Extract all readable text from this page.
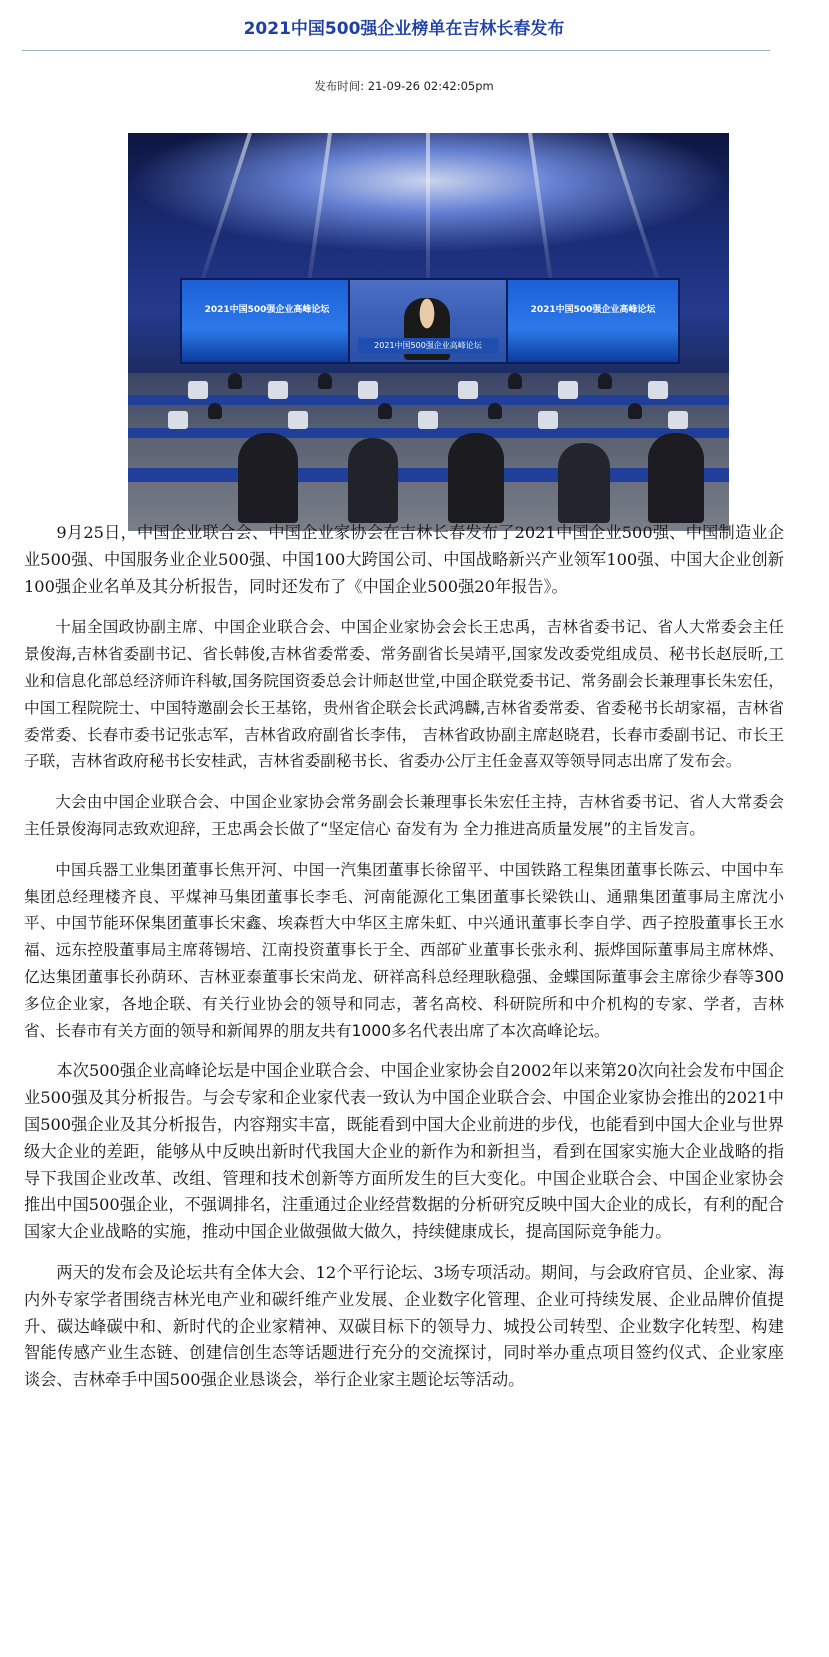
2021中国500强企业榜单在吉林长春发布
发布时间: 21-09-26 02:42:05pm
2021中国500强企业高峰论坛	2021中国500强企业高峰论坛
2021中国500强企业高峰论坛

9月25日，中国企业联合会、中国企业家协会在吉林长春发布了2021中国企业500强、中国制造业企业500强、中国服务业企业500强、中国100大跨国公司、中国战略新兴产业领军100强、中国大企业创新100强企业名单及其分析报告，同时还发布了《中国企业500强20年报告》。

十届全国政协副主席、中国企业联合会、中国企业家协会会长王忠禹，吉林省委书记、省人大常委会主任景俊海,吉林省委副书记、省长韩俊,吉林省委常委、常务副省长吴靖平,国家发改委党组成员、秘书长赵辰昕,工业和信息化部总经济师许科敏,国务院国资委总会计师赵世堂,中国企联党委书记、常务副会长兼理事长朱宏任，中国工程院院士、中国特邀副会长王基铭，贵州省企联会长武鸿麟,吉林省委常委、省委秘书长胡家福，吉林省委常委、长春市委书记张志军，吉林省政府副省长李伟， 吉林省政协副主席赵晓君，长春市委副书记、市长王子联，吉林省政府秘书长安桂武，吉林省委副秘书长、省委办公厅主任金喜双等领导同志出席了发布会。

大会由中国企业联合会、中国企业家协会常务副会长兼理事长朱宏任主持，吉林省委书记、省人大常委会主任景俊海同志致欢迎辞，王忠禹会长做了“坚定信心 奋发有为 全力推进高质量发展”的主旨发言。

中国兵器工业集团董事长焦开河、中国一汽集团董事长徐留平、中国铁路工程集团董事长陈云、中国中车集团总经理楼齐良、平煤神马集团董事长李毛、河南能源化工集团董事长梁铁山、通鼎集团董事局主席沈小平、中国节能环保集团董事长宋鑫、埃森哲大中华区主席朱虹、中兴通讯董事长李自学、西子控股董事长王水福、远东控股董事局主席蒋锡培、江南投资董事长于全、西部矿业董事长张永利、振烨国际董事局主席林烨、亿达集团董事长孙荫环、吉林亚泰董事长宋尚龙、研祥高科总经理耿稳强、金蝶国际董事会主席徐少春等300多位企业家，各地企联、有关行业协会的领导和同志，著名高校、科研院所和中介机构的专家、学者，吉林省、长春市有关方面的领导和新闻界的朋友共有1000多名代表出席了本次高峰论坛。

本次500强企业高峰论坛是中国企业联合会、中国企业家协会自2002年以来第20次向社会发布中国企业500强及其分析报告。与会专家和企业家代表一致认为中国企业联合会、中国企业家协会推出的2021中国500强企业及其分析报告，内容翔实丰富，既能看到中国大企业前进的步伐，也能看到中国大企业与世界级大企业的差距，能够从中反映出新时代我国大企业的新作为和新担当，看到在国家实施大企业战略的指导下我国企业改革、改组、管理和技术创新等方面所发生的巨大变化。中国企业联合会、中国企业家协会推出中国500强企业，不强调排名，注重通过企业经营数据的分析研究反映中国大企业的成长，有利的配合国家大企业战略的实施，推动中国企业做强做大做久，持续健康成长，提高国际竞争能力。

两天的发布会及论坛共有全体大会、12个平行论坛、3场专项活动。期间，与会政府官员、企业家、海内外专家学者围绕吉林光电产业和碳纤维产业发展、企业数字化管理、企业可持续发展、企业品牌价值提升、碳达峰碳中和、新时代的企业家精神、双碳目标下的领导力、城投公司转型、企业数字化转型、构建智能传感产业生态链、创建信创生态等话题进行充分的交流探讨，同时举办重点项目签约仪式、企业家座谈会、吉林牵手中国500强企业恳谈会，举行企业家主题论坛等活动。
